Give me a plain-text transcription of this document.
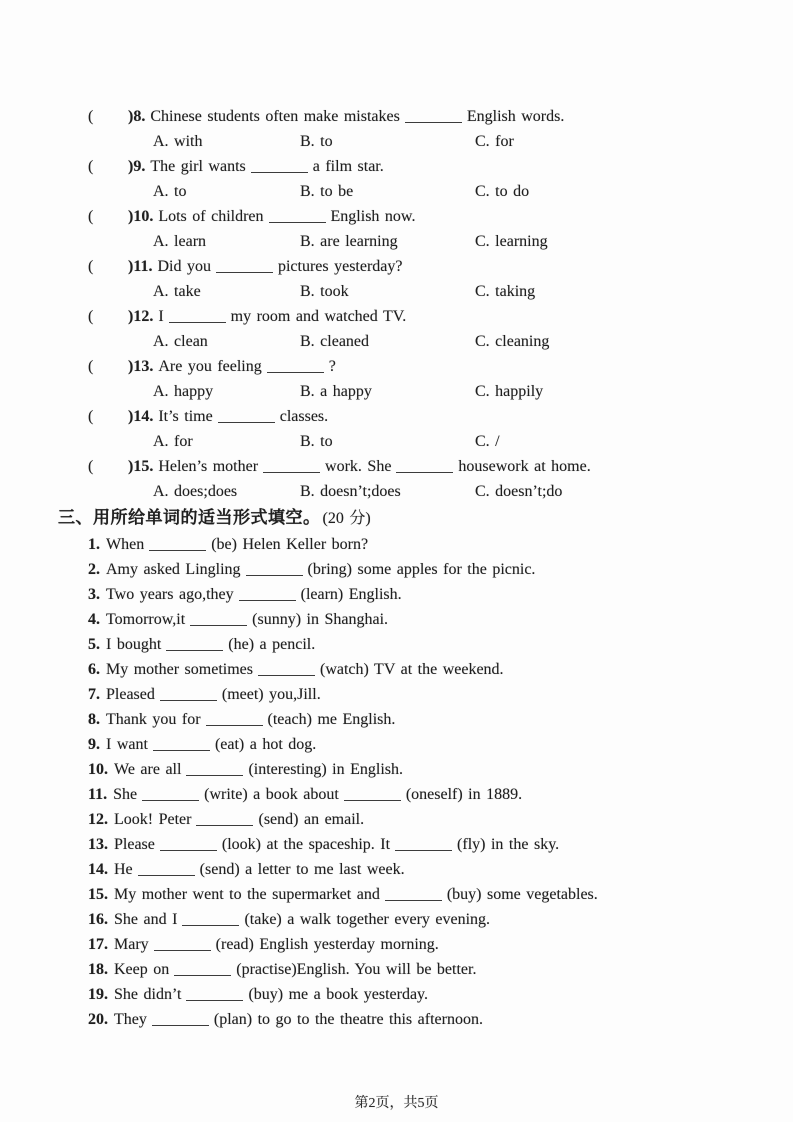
( )8. Chinese students often make mistakes	English words.
A. with	B. to	C. for
( )9. The girl wants	a film star.
A. to	B. to be	C. to do
( )10. Lots of children	English now.
A. learn	B. are learning	C. learning
( )11. Did you	pictures yesterday?
A. take	B. took	C. taking
( )12. I	my room and watched TV.
A. clean	B. cleaned	C. cleaning
( )13. Are you feeling	?
A. happy	B. a happy	C. happily
( )14. It’s time	classes.
A. for	B. to	C. /
( )15. Helen’s mother	work. She	housework at home.
A. does;does	B. doesn’t;does	C. doesn’t;do
三、用所给单词的适当形式填空。 (20 分)
1. When	(be) Helen Keller born?
2. Amy asked Lingling	(bring) some apples for the picnic.
3. Two years ago,they	(learn) English.
4. Tomorrow,it	(sunny) in Shanghai.
5. I bought	(he) a pencil.
6. My mother sometimes	(watch) TV at the weekend.
7. Pleased	(meet) you,Jill.
8. Thank you for	(teach) me English.
9. I want	(eat) a hot dog.
10. We are all	(interesting) in English.
11. She	(write) a book about	(oneself) in 1889.
12. Look! Peter	(send) an email.
13. Please	(look) at the spaceship. It	(fly) in the sky.
14. He	(send) a letter to me last week.
15. My mother went to the supermarket and	(buy) some vegetables.
16. She and I	(take) a walk together every evening.
17. Mary	(read) English yesterday morning.
18. Keep on	(practise)English. You will be better.
19. She didn’t	(buy) me a book yesterday.
20. They	(plan) to go to the theatre this afternoon.
第2页，共5页
